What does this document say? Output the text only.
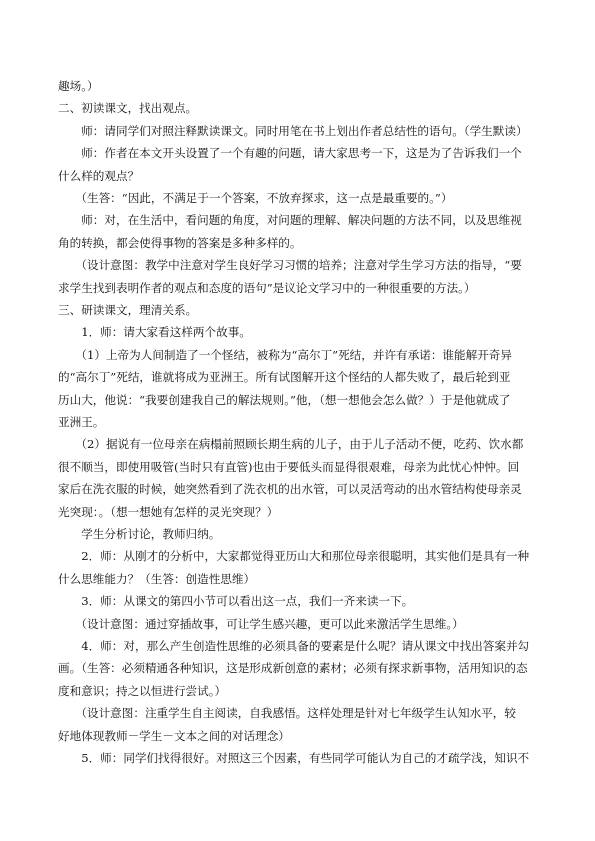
趣场。）
二、初读课文，找出观点。
　　师：请同学们对照注释默读课文。同时用笔在书上划出作者总结性的语句。（学生默读）
　　师：作者在本文开头设置了一个有趣的问题，请大家思考一下，这是为了告诉我们一个
什么样的观点？
　　（生答：“因此，不满足于一个答案，不放弃探求，这一点是最重要的。”）
　　师：对，在生活中，看问题的角度，对问题的理解、解决问题的方法不同，以及思维视
角的转换，都会使得事物的答案是多种多样的。
　　（设计意图：教学中注意对学生良好学习习惯的培养；注意对学生学习方法的指导，“要
求学生找到表明作者的观点和态度的语句”是议论文学习中的一种很重要的方法。）
三、研读课文，理清关系。
　　1．师：请大家看这样两个故事。
　　（1）上帝为人间制造了一个怪结，被称为“高尔丁”死结，并许有承诺：谁能解开奇异
的“高尔丁”死结，谁就将成为亚洲王。所有试图解开这个怪结的人都失败了，最后轮到亚
历山大，他说：“我要创建我自己的解法规则。”他，（想一想他会怎么做？）于是他就成了
亚洲王。
　　（2）据说有一位母亲在病榻前照顾长期生病的儿子，由于儿子活动不便，吃药、饮水都
很不顺当，即使用吸管(当时只有直管)也由于要低头而显得很艰难，母亲为此忧心忡忡。回
家后在洗衣服的时候，她突然看到了洗衣机的出水管，可以灵活弯动的出水管结构使母亲灵
光突现：。（想一想她有怎样的灵光突现？）
　　学生分析讨论，教师归纳。
　　2．师：从刚才的分析中，大家都觉得亚历山大和那位母亲很聪明，其实他们是具有一种
什么思维能力？（生答：创造性思维）
　　3．师：从课文的第四小节可以看出这一点，我们一齐来读一下。
　　（设计意图：通过穿插故事，可让学生感兴趣，更可以此来激活学生思维。）
　　4．师：对，那么产生创造性思维的必须具备的要素是什么呢？请从课文中找出答案并勾
画。（生答：必须精通各种知识，这是形成新创意的素材；必须有探求新事物，活用知识的态
度和意识；持之以恒进行尝试。）
　　（设计意图：注重学生自主阅读，自我感悟。这样处理是针对七年级学生认知水平，较
好地体现教师－学生－文本之间的对话理念）
　　5．师：同学们找得很好。对照这三个因素，有些同学可能认为自己的才疏学浅，知识不
